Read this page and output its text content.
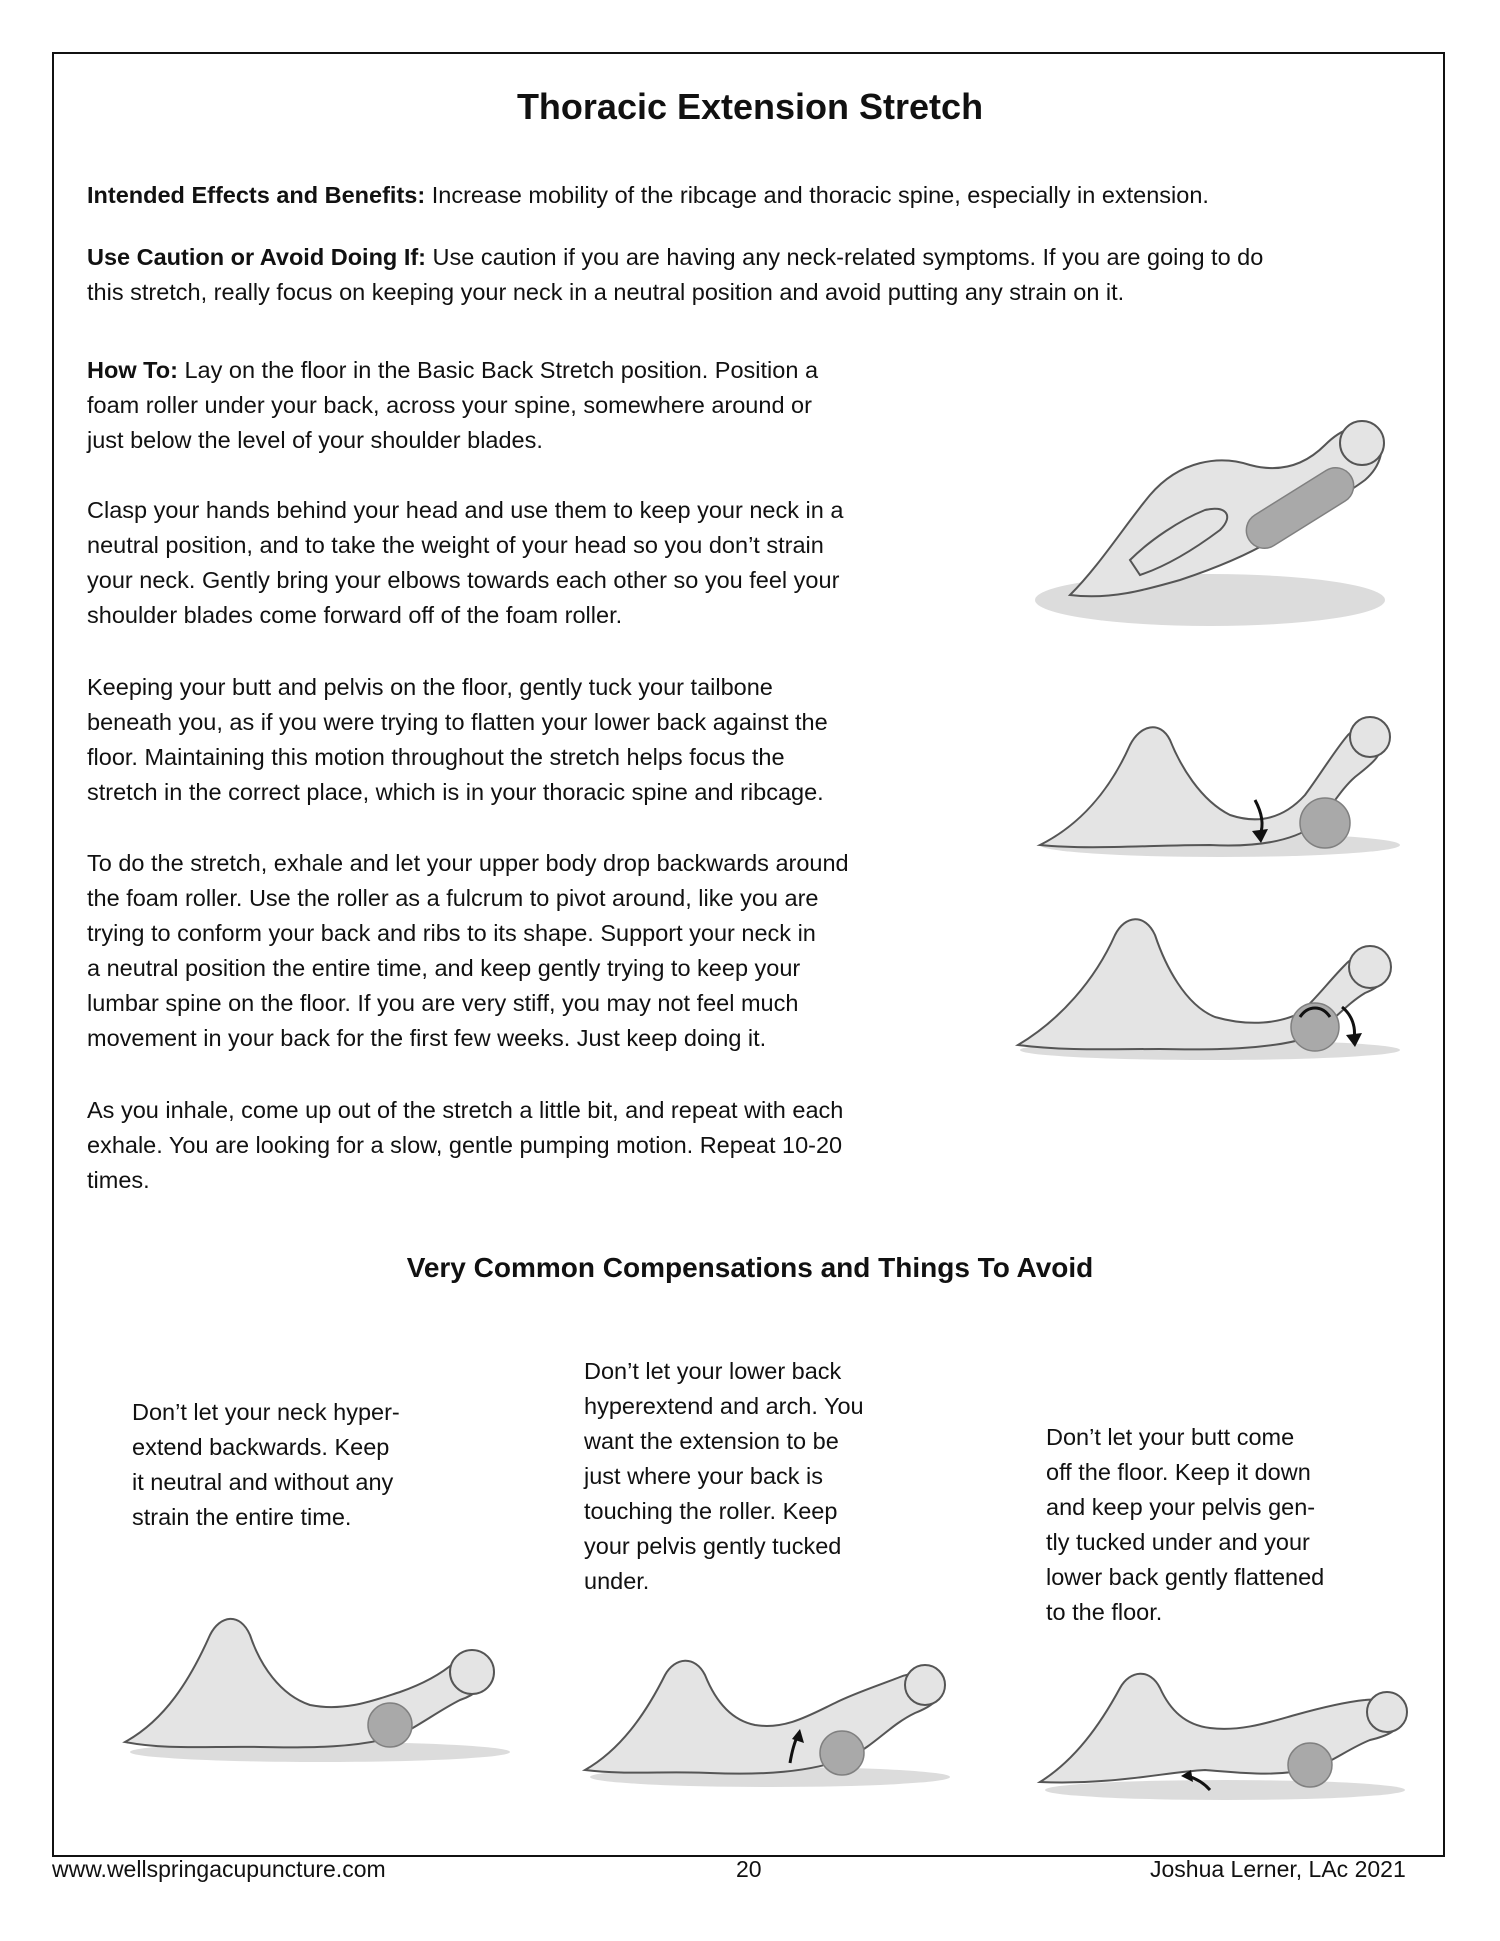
Thoracic Extension Stretch

Intended Effects and Benefits: Increase mobility of the ribcage and thoracic spine, especially in extension.

Use Caution or Avoid Doing If: Use caution if you are having any neck-related symptoms. If you are going to do
this stretch, really focus on keeping your neck in a neutral position and avoid putting any strain on it.

How To: Lay on the floor in the Basic Back Stretch position. Position a
foam roller under your back, across your spine, somewhere around or
just below the level of your shoulder blades.

Clasp your hands behind your head and use them to keep your neck in a
neutral position, and to take the weight of your head so you don’t strain
your neck. Gently bring your elbows towards each other so you feel your
shoulder blades come forward off of the foam roller.

Keeping your butt and pelvis on the floor, gently tuck your tailbone
beneath you, as if you were trying to flatten your lower back against the
floor. Maintaining this motion throughout the stretch helps focus the
stretch in the correct place, which is in your thoracic spine and ribcage.

To do the stretch, exhale and let your upper body drop backwards around
the foam roller. Use the roller as a fulcrum to pivot around, like you are
trying to conform your back and ribs to its shape. Support your neck in
a neutral position the entire time, and keep gently trying to keep your
lumbar spine on the floor. If you are very stiff, you may not feel much
movement in your back for the first few weeks. Just keep doing it.

As you inhale, come up out of the stretch a little bit, and repeat with each
exhale. You are looking for a slow, gentle pumping motion. Repeat 10-20
times.

Very Common Compensations and Things To Avoid

Don’t let your neck hyper-
extend backwards. Keep
it neutral and without any
strain the entire time.

Don’t let your lower back
hyperextend and arch. You
want the extension to be
just where your back is
touching the roller. Keep
your pelvis gently tucked
under.

Don’t let your butt come
off the floor. Keep it down
and keep your pelvis gen-
tly tucked under and your
lower back gently flattened
to the floor.

www.wellspringacupuncture.com	20	Joshua Lerner, LAc 2021
